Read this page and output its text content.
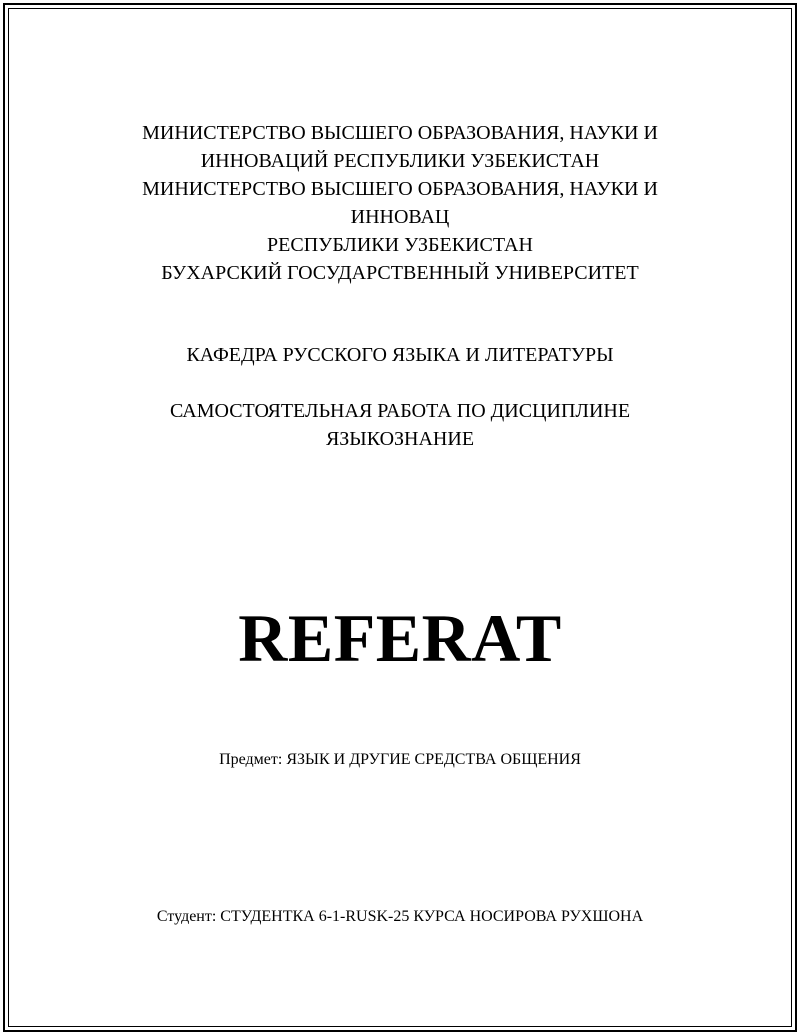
МИНИСТЕРСТВО ВЫСШЕГО ОБРАЗОВАНИЯ, НАУКИ И
ИННОВАЦИЙ РЕСПУБЛИКИ УЗБЕКИСТАН
МИНИСТЕРСТВО ВЫСШЕГО ОБРАЗОВАНИЯ, НАУКИ И
ИННОВАЦ
РЕСПУБЛИКИ УЗБЕКИСТАН
БУХАРСКИЙ ГОСУДАРСТВЕННЫЙ УНИВЕРСИТЕТ
КАФЕДРА РУССКОГО ЯЗЫКА И ЛИТЕРАТУРЫ
САМОСТОЯТЕЛЬНАЯ РАБОТА ПО ДИСЦИПЛИНЕ
ЯЗЫКОЗНАНИЕ
REFERAT
Предмет: ЯЗЫК И ДРУГИЕ СРЕДСТВА ОБЩЕНИЯ
Студент: СТУДЕНТКА 6-1-RUSK-25 КУРСА НОСИРОВА РУХШОНА
